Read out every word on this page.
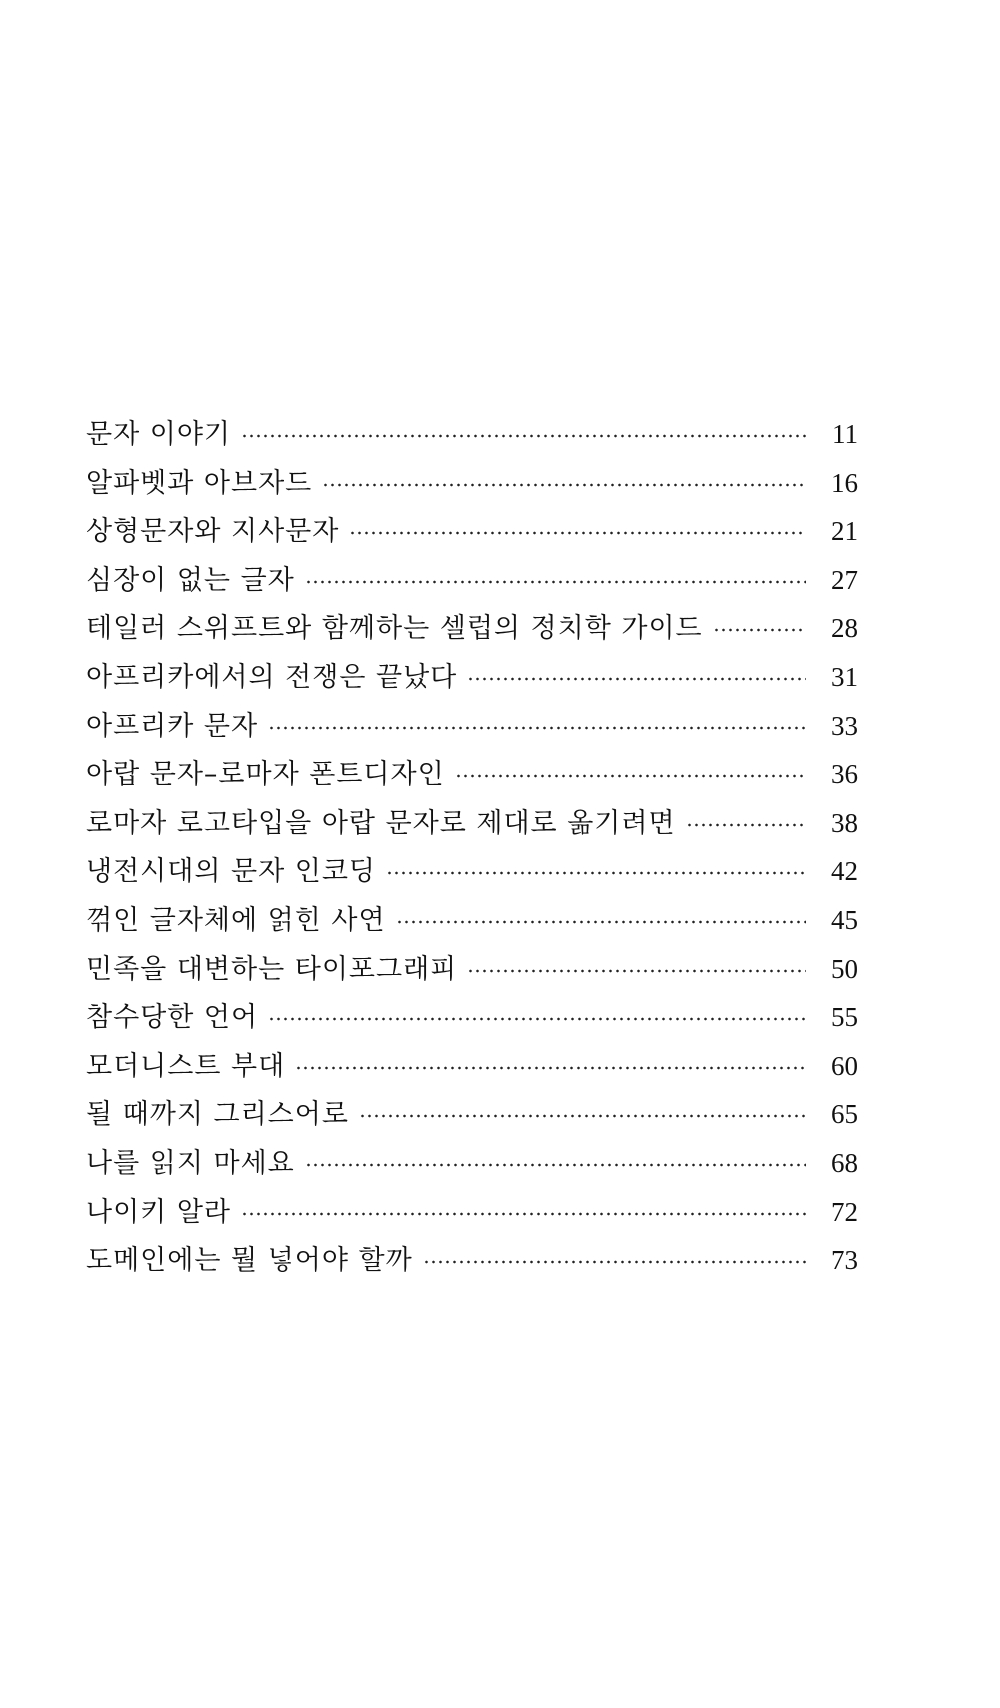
문자 이야기	11
알파벳과 아브자드	16
상형문자와 지사문자	21
심장이 없는 글자	27
테일러 스위프트와 함께하는 셀럽의 정치학 가이드	28
아프리카에서의 전쟁은 끝났다	31
아프리카 문자	33
아랍 문자–로마자 폰트디자인	36
로마자 로고타입을 아랍 문자로 제대로 옮기려면	38
냉전시대의 문자 인코딩	42
꺾인 글자체에 얽힌 사연	45
민족을 대변하는 타이포그래피	50
참수당한 언어	55
모더니스트 부대	60
될 때까지 그리스어로	65
나를 읽지 마세요	68
나이키 알라	72
도메인에는 뭘 넣어야 할까	73
